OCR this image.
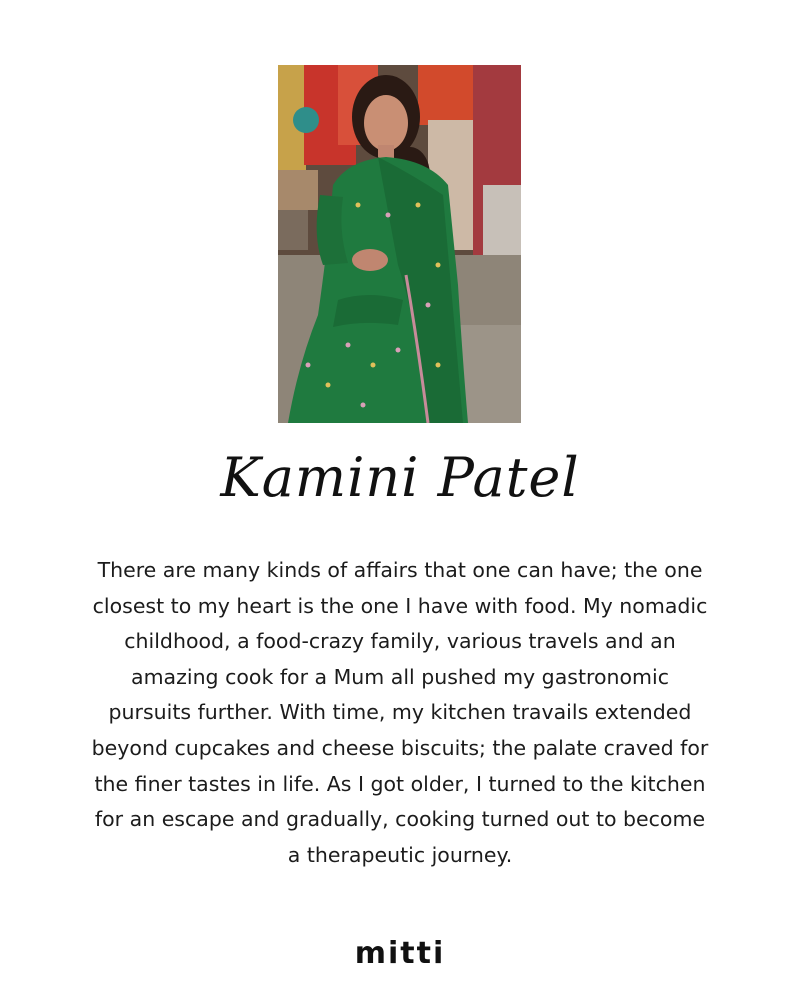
Kamini Patel

There are many kinds of affairs that one can have; the one closest to my heart is the one I have with food. My nomadic childhood, a food-crazy family, various travels and an amazing cook for a Mum all pushed my gastronomic pursuits further. With time, my kitchen travails extended beyond cupcakes and cheese biscuits; the palate craved for the finer tastes in life. As I got older, I turned to the kitchen for an escape and gradually, cooking turned out to become a therapeutic journey.

mitti
